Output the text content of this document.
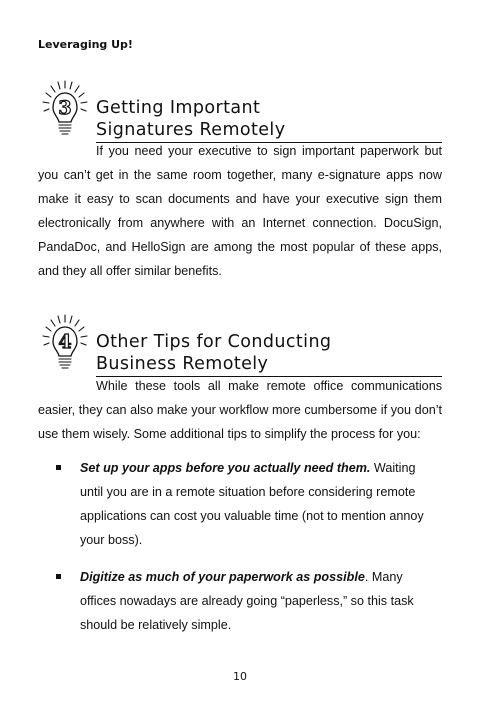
Leveraging Up!
3 Getting Important
Signatures Remotely

If you need your executive to sign important paperwork but you can’t get in the same room together, many e-signature apps now make it easy to scan documents and have your executive sign them electronically from anywhere with an Internet connection. DocuSign, PandaDoc, and HelloSign are among the most popular of these apps, and they all offer similar benefits.

4 Other Tips for Conducting
Business Remotely

While these tools all make remote office communications easier, they can also make your workflow more cumbersome if you don’t use them wisely. Some additional tips to simplify the process for you:

Set up your apps before you actually need them. Waiting until you are in a remote situation before considering remote applications can cost you valuable time (not to mention annoy your boss).
Digitize as much of your paperwork as possible. Many offices nowadays are already going “paperless,” so this task should be relatively simple.
10
